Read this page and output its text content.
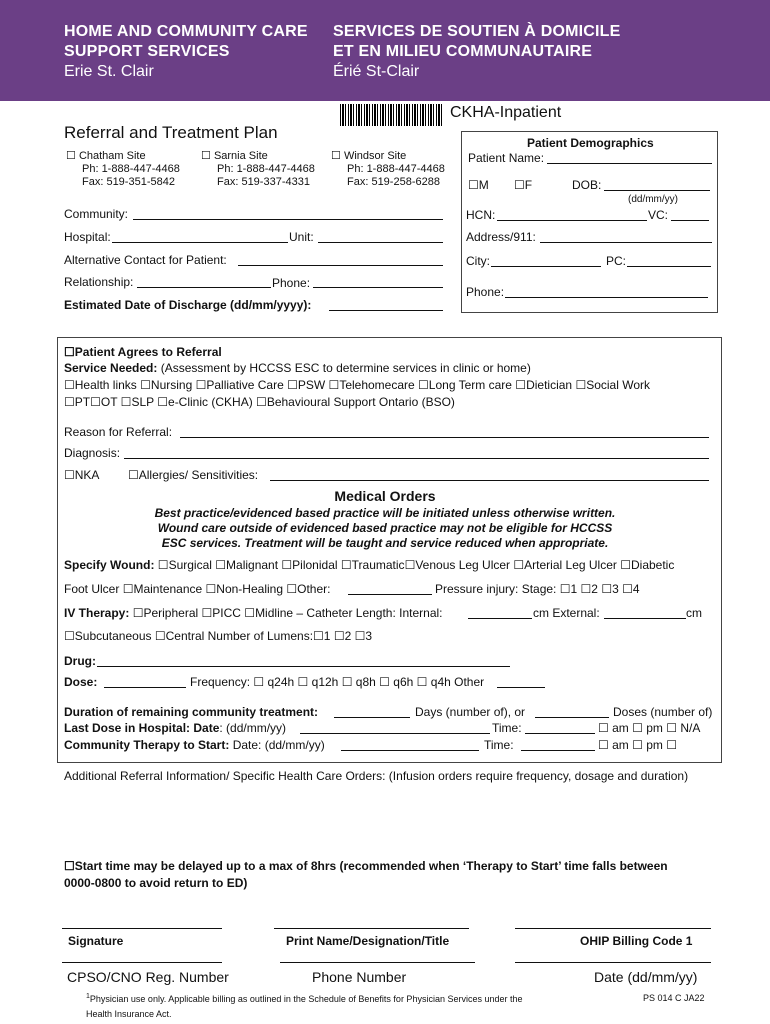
HOME AND COMMUNITY CARE
SUPPORT SERVICES
Erie St. Clair
SERVICES DE SOUTIEN À DOMICILE
ET EN MILIEU COMMUNAUTAIRE
Érié St-Clair
CKHA-Inpatient
Referral and Treatment Plan
☐ Chatham Site
Ph: 1-888-447-4468
Fax: 519-351-5842
☐ Sarnia Site
Ph: 1-888-447-4468
Fax: 519-337-4331
☐ Windsor Site
Ph: 1-888-447-4468
Fax: 519-258-6288
Community:
Hospital:	Unit:
Alternative Contact for Patient:
Relationship:	Phone:
Estimated Date of Discharge (dd/mm/yyyy):
Patient Demographics
Patient Name:
☐ M ☐	F	DOB:
(dd/mm/yy)
HCN:	VC:
Address/911:
City:	PC:
Phone:
☐ Patient Agrees to Referral
Service Needed: (Assessment by HCCSS ESC to determine services in clinic or home)
☐ Health links ☐ Nursing ☐ Palliative Care ☐ PSW ☐ Telehomecare ☐ Long Term care ☐ Dietician ☐ Social Work
☐ PT ☐ OT ☐ SLP ☐ e-Clinic (CKHA) ☐ Behavioural Support Ontario (BSO)
Reason for Referral:
Diagnosis:
☐ NKA ☐	Allergies/ Sensitivities:
Medical Orders
Best practice/evidenced based practice will be initiated unless otherwise written.
Wound care outside of evidenced based practice may not be eligible for HCCSS
ESC services. Treatment will be taught and service reduced when appropriate.
Specify Wound: ☐ Surgical ☐ Malignant ☐ Pilonidal ☐ Traumatic ☐ Venous Leg Ulcer ☐ Arterial Leg Ulcer ☐ Diabetic
Foot Ulcer ☐ Maintenance ☐ Non-Healing ☐ Other:	Pressure injury: Stage: ☐ 1 ☐ 2 ☐ 3 ☐ 4
IV Therapy: ☐ Peripheral ☐ PICC ☐ Midline – Catheter Length: Internal:	cm External:	cm
☐ Subcutaneous ☐ Central Number of Lumens: ☐ 1 ☐ 2 ☐ 3
Drug:
Dose:	Frequency: ☐ q24h ☐ q12h ☐ q8h ☐ q6h ☐ q4h Other
Duration of remaining community treatment:	Days (number of), or	Doses (number of)
Last Dose in Hospital: Date: (dd/mm/yy)	Time: ☐	am ☐ pm ☐ N/A
Community Therapy to Start: Date: (dd/mm/yy)	Time: ☐	am ☐ pm ☐
Additional Referral Information/ Specific Health Care Orders: (Infusion orders require frequency, dosage and duration)
☐ Start time may be delayed up to a max of 8hrs (recommended when ‘Therapy to Start’ time falls between
0000-0800 to avoid return to ED)
Signature	Print Name/Designation/Title	OHIP Billing Code 1
CPSO/CNO Reg. Number	Phone Number	Date (dd/mm/yy)
$^1$Physician use only. Applicable billing as outlined in the Schedule of Benefits for Physician Services under the
Health Insurance Act.
PS 014 C JA22
